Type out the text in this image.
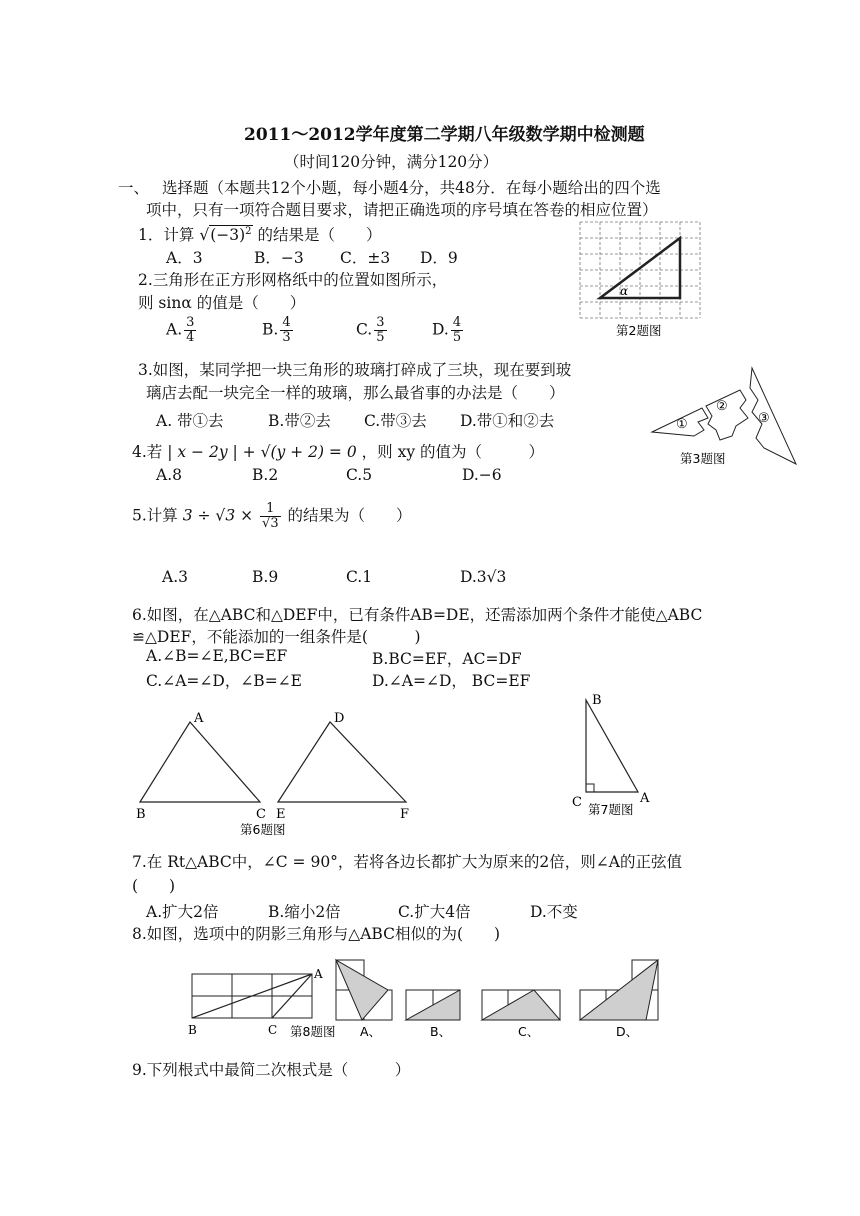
2011～2012学年度第二学期八年级数学期中检测题
（时间120分钟，满分120分）
一、 选择题（本题共12个小题，每小题4分，共48分．在每小题给出的四个选
项中，只有一项符合题目要求，请把正确选项的序号填在答卷的相应位置）
1．计算 $√(-3)^2$ 的结果是（　　）
A．3	B．−3 C．±3 D．9
2.三角形在正方形网格纸中的位置如图所示，
则 sinα 的值是（　　）
A. $\frac{3}{4}$	B. $\frac{4}{3}$	C. $\frac{3}{5}$	D. $\frac{4}{5}$
α
第2题图
3.如图，某同学把一块三角形的玻璃打碎成了三块，现在要到玻
璃店去配一块完全一样的玻璃，那么最省事的办法是（　　）
A. 带①去	B.带②去 C.带③去 D.带①和②去	①
②
③
第3题图
4.若 | x − 2y | + √(y + 2) = 0 ，则 xy 的值为（　　　）
A.8	B.2	C.5	D.−6
5.计算 $3 \div √3 \times \frac{1}{√3}$ 的结果为（　　）
A.3	B.9	C.1	D.3√3
6.如图，在△ABC和△DEF中，已有条件AB=DE，还需添加两个条件才能使△ABC
≌△DEF，不能添加的一组条件是(　　　)
A.∠B=∠E,BC=EF	B.BC=EF，AC=DF
C.∠A=∠D，∠B=∠E	D.∠A=∠D， BC=EF
A
B	C
D
E	F
第6题图
B
C	A
第7题图
7.在 Rt△ABC中，∠C = 90°，若将各边长都扩大为原来的2倍，则∠A的正弦值
(　　)
A.扩大2倍	B.缩小2倍	C.扩大4倍	D.不变
8.如图，选项中的阴影三角形与△ABC相似的为(　　)
A
B	C 第8题图 A、	B、	C、	D、
9.下列根式中最简二次根式是（　　　）
